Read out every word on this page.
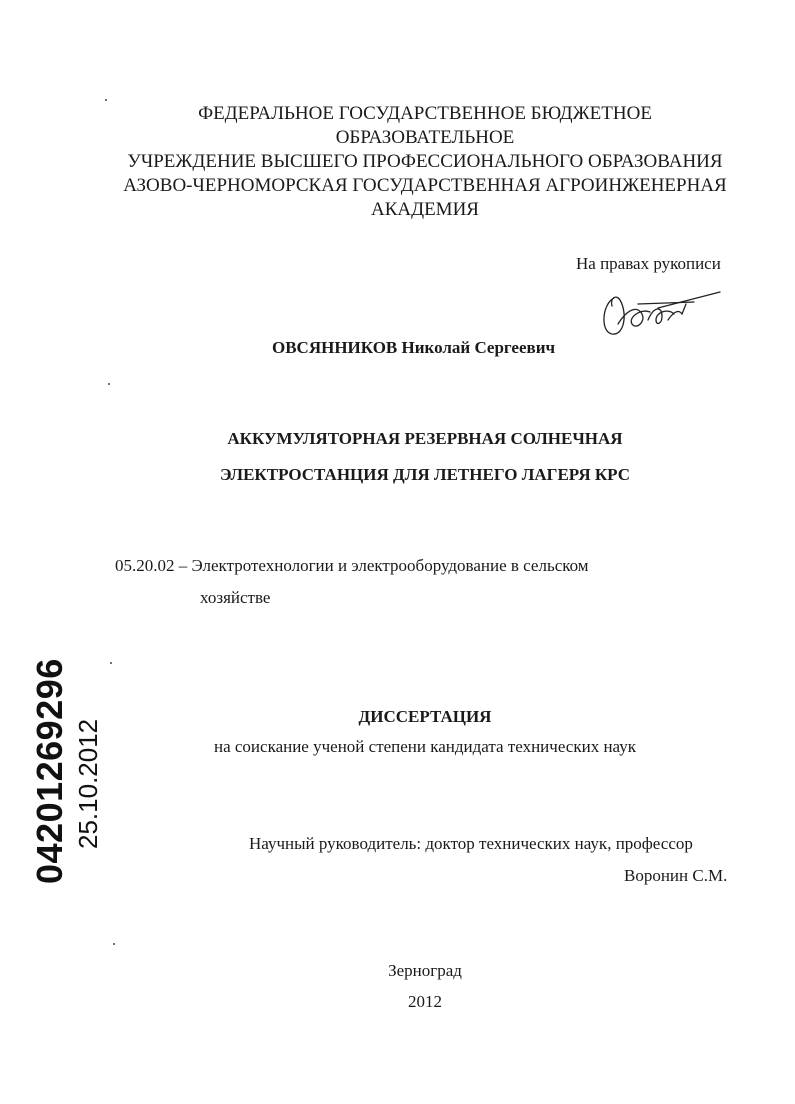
ФЕДЕРАЛЬНОЕ ГОСУДАРСТВЕННОЕ БЮДЖЕТНОЕ
ОБРАЗОВАТЕЛЬНОЕ
УЧРЕЖДЕНИЕ ВЫСШЕГО ПРОФЕССИОНАЛЬНОГО ОБРАЗОВАНИЯ
АЗОВО-ЧЕРНОМОРСКАЯ ГОСУДАРСТВЕННАЯ АГРОИНЖЕНЕРНАЯ
АКАДЕМИЯ
На правах рукописи
ОВСЯННИКОВ Николай Сергеевич
АККУМУЛЯТОРНАЯ РЕЗЕРВНАЯ СОЛНЕЧНАЯ
ЭЛЕКТРОСТАНЦИЯ ДЛЯ ЛЕТНЕГО ЛАГЕРЯ КРС
05.20.02 – Электротехнологии и электрооборудование в сельском
хозяйстве
ДИССЕРТАЦИЯ
на соискание ученой степени кандидата технических наук
Научный руководитель: доктор технических наук, профессор
Воронин С.М.
Зерноград
2012
04201269296 25.10.2012
